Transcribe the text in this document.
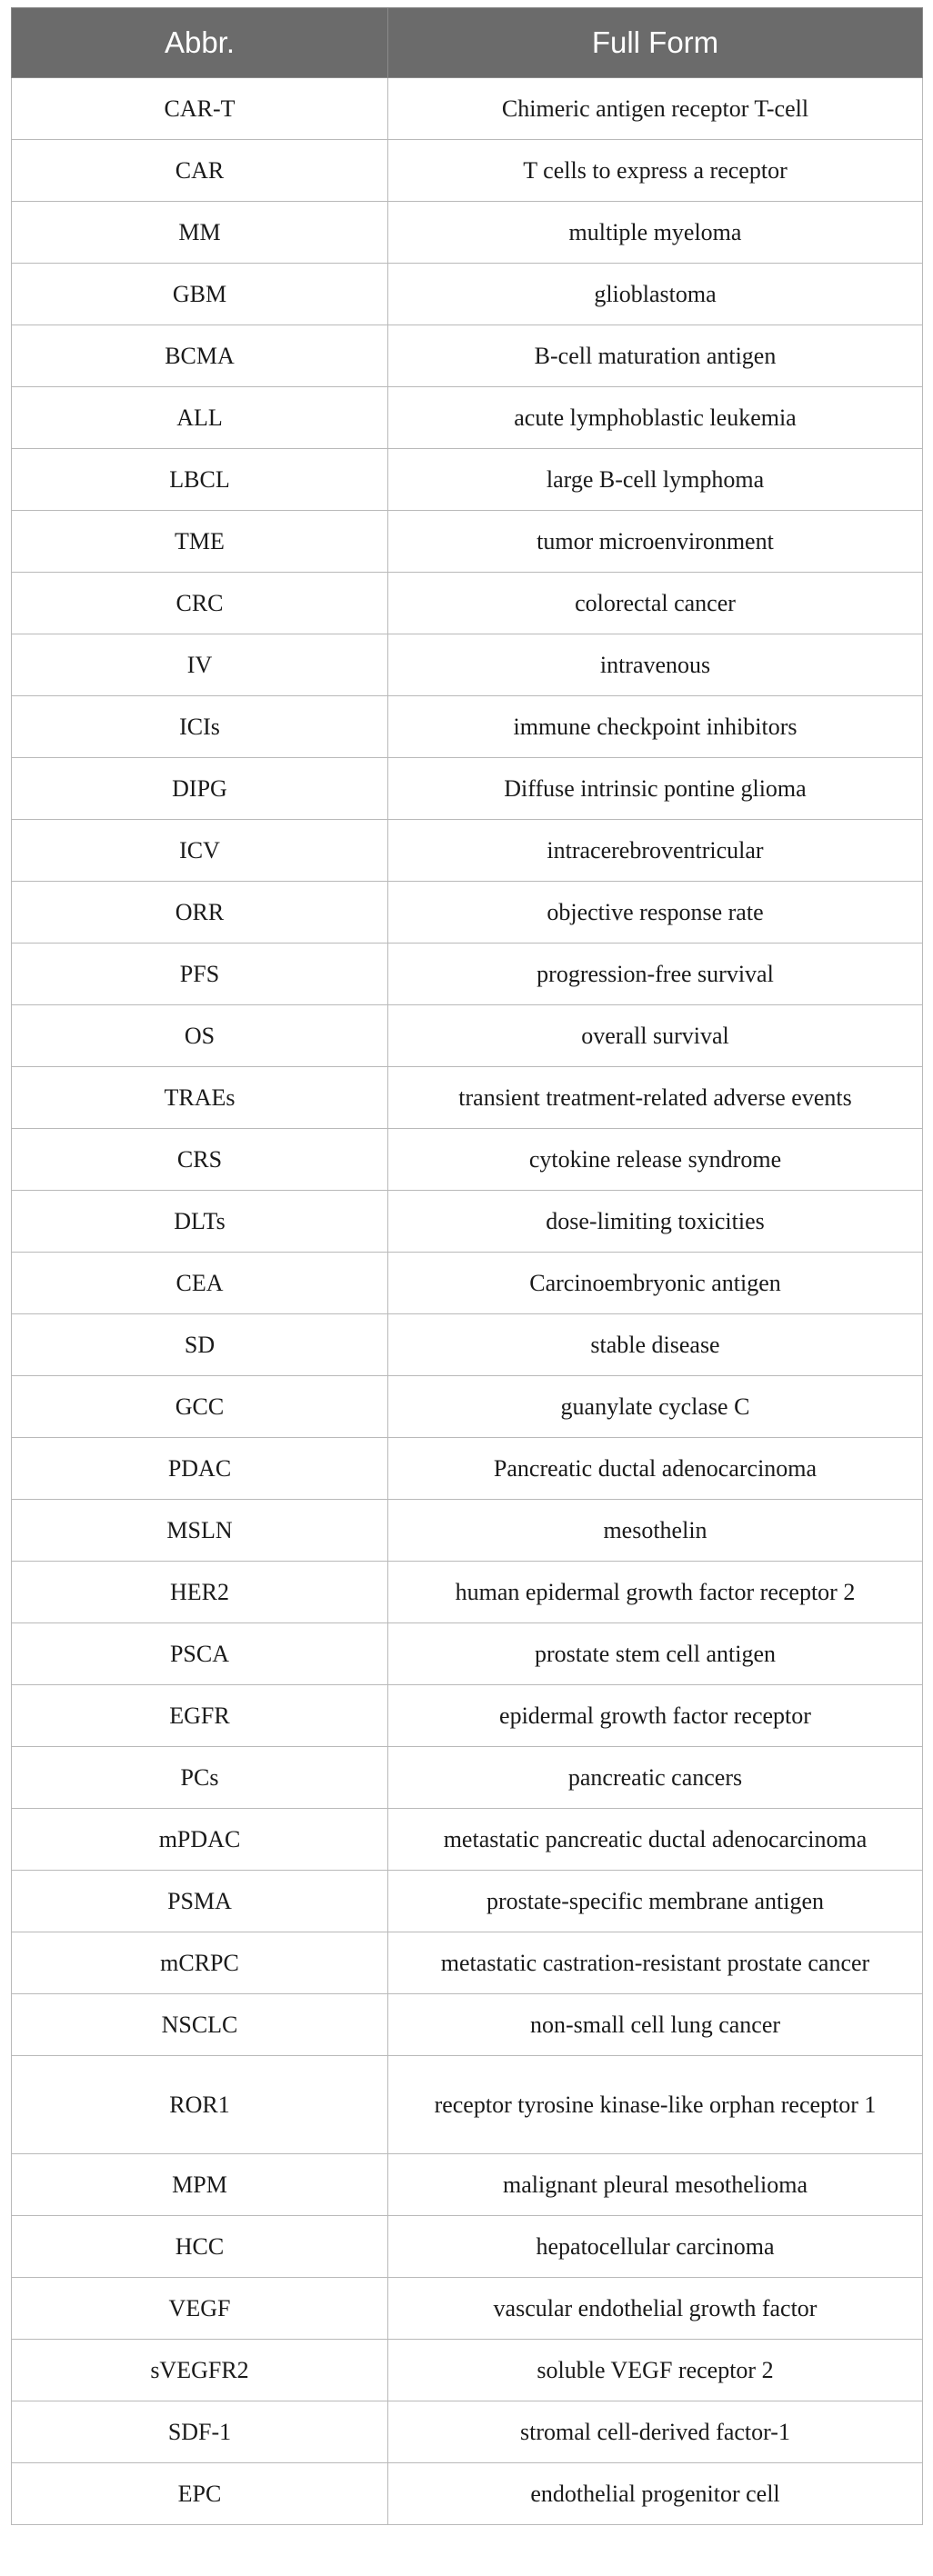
Abbr.	Full Form
CAR-T	Chimeric antigen receptor T-cell
CAR	T cells to express a receptor
MM	multiple myeloma
GBM	glioblastoma
BCMA	B-cell maturation antigen
ALL	acute lymphoblastic leukemia
LBCL	large B-cell lymphoma
TME	tumor microenvironment
CRC	colorectal cancer
IV	intravenous
ICIs	immune checkpoint inhibitors
DIPG	Diffuse intrinsic pontine glioma
ICV	intracerebroventricular
ORR	objective response rate
PFS	progression-free survival
OS	overall survival
TRAEs	transient treatment-related adverse events
CRS	cytokine release syndrome
DLTs	dose-limiting toxicities
CEA	Carcinoembryonic antigen
SD	stable disease
GCC	guanylate cyclase C
PDAC	Pancreatic ductal adenocarcinoma
MSLN	mesothelin
HER2	human epidermal growth factor receptor 2
PSCA	prostate stem cell antigen
EGFR	epidermal growth factor receptor
PCs	pancreatic cancers
mPDAC	metastatic pancreatic ductal adenocarcinoma
PSMA	prostate-specific membrane antigen
mCRPC	metastatic castration-resistant prostate cancer
NSCLC	non-small cell lung cancer
ROR1	receptor tyrosine kinase-like orphan receptor 1
MPM	malignant pleural mesothelioma
HCC	hepatocellular carcinoma
VEGF	vascular endothelial growth factor
sVEGFR2	soluble VEGF receptor 2
SDF-1	stromal cell-derived factor-1
EPC	endothelial progenitor cell
